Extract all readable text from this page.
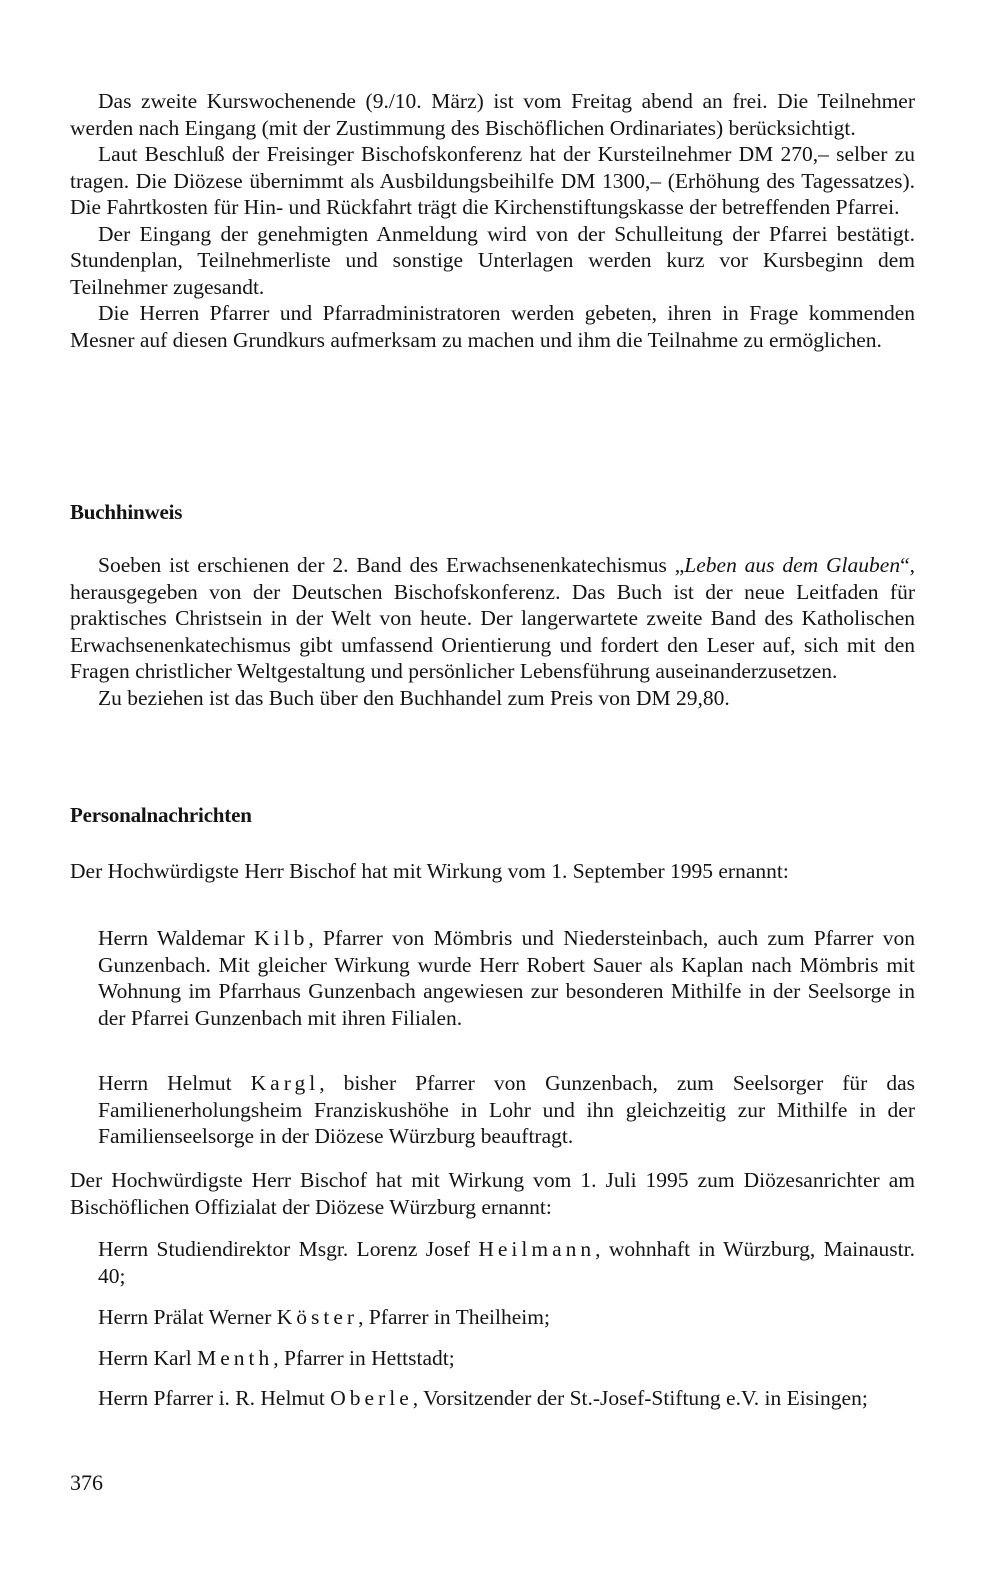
Das zweite Kurswochenende (9./10. März) ist vom Freitag abend an frei. Die Teilnehmer werden nach Eingang (mit der Zustimmung des Bischöflichen Ordinariates) berücksichtigt.

Laut Beschluß der Freisinger Bischofskonferenz hat der Kursteilnehmer DM 270,– selber zu tragen. Die Diözese übernimmt als Ausbildungsbeihilfe DM 1300,– (Erhöhung des Tagessatzes). Die Fahrtkosten für Hin- und Rückfahrt trägt die Kirchenstiftungskasse der betreffenden Pfarrei.

Der Eingang der genehmigten Anmeldung wird von der Schulleitung der Pfarrei bestätigt. Stundenplan, Teilnehmerliste und sonstige Unterlagen werden kurz vor Kursbeginn dem Teilnehmer zugesandt.

Die Herren Pfarrer und Pfarradministratoren werden gebeten, ihren in Frage kommenden Mesner auf diesen Grundkurs aufmerksam zu machen und ihm die Teilnahme zu ermöglichen.

Buchhinweis

Soeben ist erschienen der 2. Band des Erwachsenenkatechismus „Leben aus dem Glauben“, herausgegeben von der Deutschen Bischofskonferenz. Das Buch ist der neue Leitfaden für praktisches Christsein in der Welt von heute. Der langerwartete zweite Band des Katholischen Erwachsenenkatechismus gibt umfassend Orientierung und fordert den Leser auf, sich mit den Fragen christlicher Weltgestaltung und persönlicher Lebensführung auseinanderzusetzen.

Zu beziehen ist das Buch über den Buchhandel zum Preis von DM 29,80.

Personalnachrichten

Der Hochwürdigste Herr Bischof hat mit Wirkung vom 1. September 1995 ernannt:

Herrn Waldemar Kilb, Pfarrer von Mömbris und Niedersteinbach, auch zum Pfarrer von Gunzenbach. Mit gleicher Wirkung wurde Herr Robert Sauer als Kaplan nach Mömbris mit Wohnung im Pfarrhaus Gunzenbach angewiesen zur besonderen Mithilfe in der Seelsorge in der Pfarrei Gunzenbach mit ihren Filialen.

Herrn Helmut Kargl, bisher Pfarrer von Gunzenbach, zum Seelsorger für das Familienerholungsheim Franziskushöhe in Lohr und ihn gleichzeitig zur Mithilfe in der Familienseelsorge in der Diözese Würzburg beauftragt.

Der Hochwürdigste Herr Bischof hat mit Wirkung vom 1. Juli 1995 zum Diözesanrichter am Bischöflichen Offizialat der Diözese Würzburg ernannt:

Herrn Studiendirektor Msgr. Lorenz Josef Heilmann, wohnhaft in Würzburg, Mainaustr. 40;

Herrn Prälat Werner Köster, Pfarrer in Theilheim;

Herrn Karl Menth, Pfarrer in Hettstadt;

Herrn Pfarrer i. R. Helmut Oberle, Vorsitzender der St.-Josef-Stiftung e.V. in Eisingen;

376
